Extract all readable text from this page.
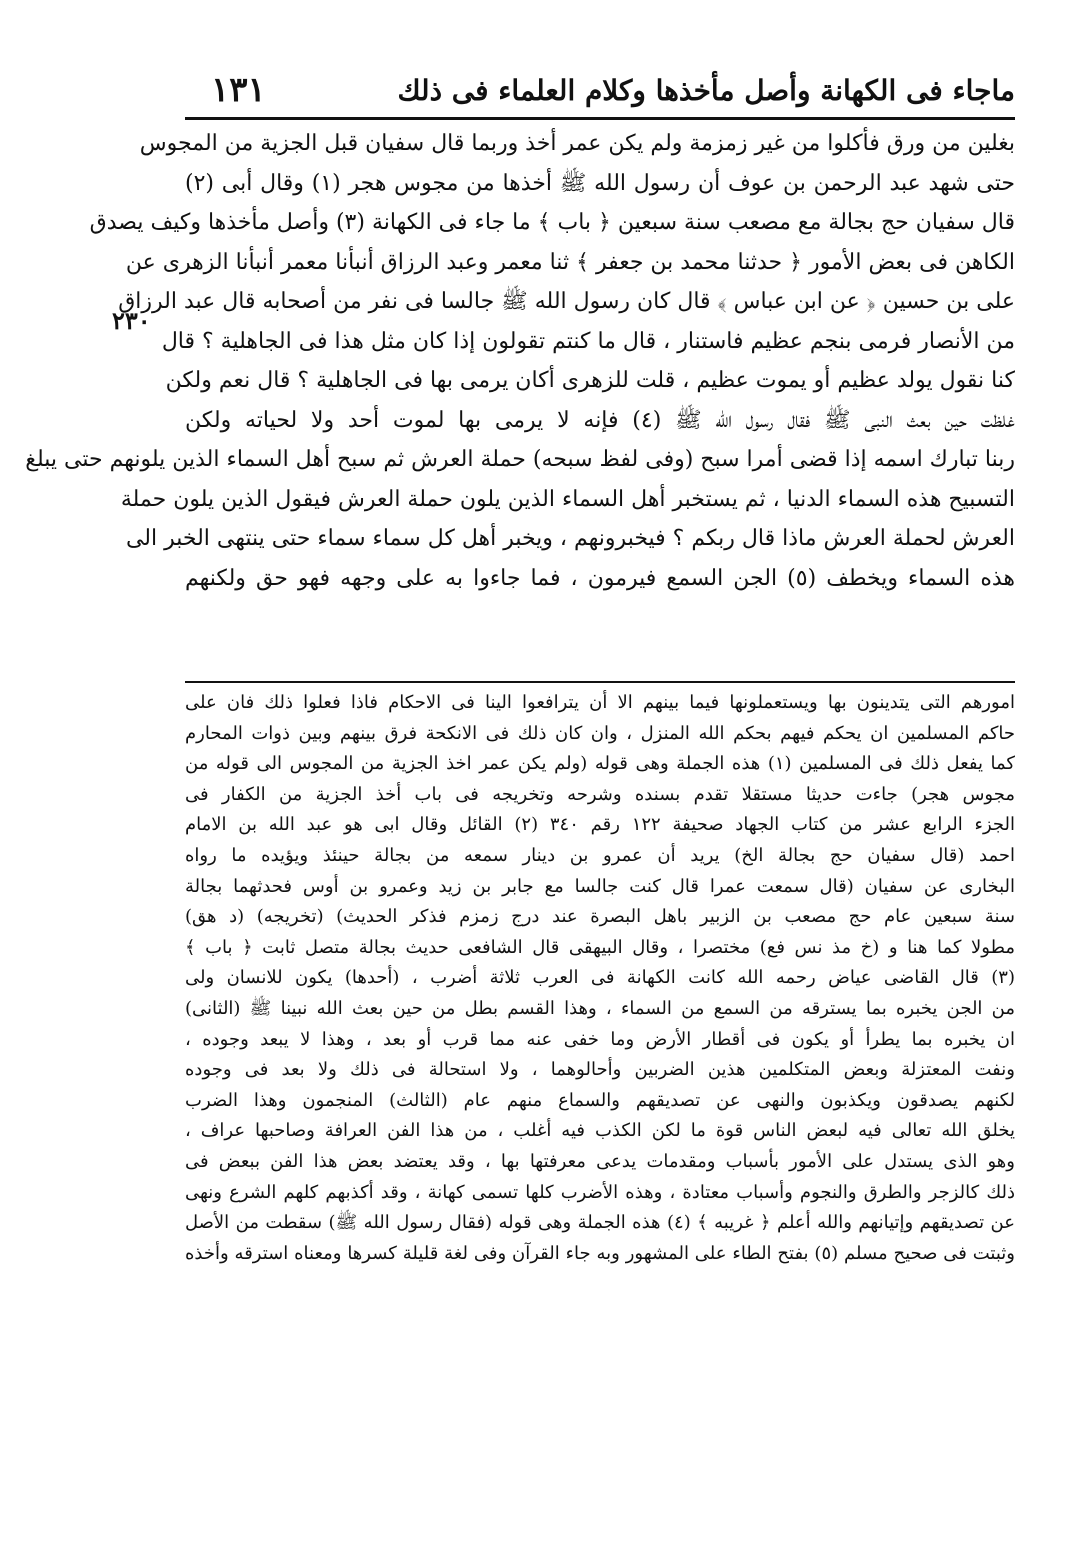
ماجاء فى الكهانة وأصل مأخذها وكلام العلماء فى ذلك
١٣١
٢٣٠
بغلين من ورق فأكلوا من غير زمزمة ولم يكن عمر أخذ وربما قال سفيان قبل الجزية من المجوس
حتى شهد عبد الرحمن بن عوف أن رسول الله ﷺ أخذها من مجوس هجر (١) وقال أبى (٢)
قال سفيان حج بجالة مع مصعب سنة سبعين ﴿ باب ﴾ ما جاء فى الكهانة (٣) وأصل مأخذها وكيف يصدق
الكاهن فى بعض الأمور ﴿ حدثنا محمد بن جعفر ﴾ ثنا معمر وعبد الرزاق أنبأنا معمر أنبأنا الزهرى عن
على بن حسين ﴿ عن ابن عباس ﴾ قال كان رسول الله ﷺ جالسا فى نفر من أصحابه قال عبد الرزاق
من الأنصار فرمى بنجم عظيم فاستنار ، قال ما كنتم تقولون إذا كان مثل هذا فى الجاهلية ؟ قال
كنا نقول يولد عظيم أو يموت عظيم ، قلت للزهرى أكان يرمى بها فى الجاهلية ؟ قال نعم ولكن
غلظت حين بعث النبى ﷺ فقال رسول الله ﷺ (٤) فإنه لا يرمى بها لموت أحد ولا لحياته ولكن
ربنا تبارك اسمه إذا قضى أمرا سبح (وفى لفظ سبحه) حملة العرش ثم سبح أهل السماء الذين يلونهم حتى يبلغ
التسبيح هذه السماء الدنيا ، ثم يستخبر أهل السماء الذين يلون حملة العرش فيقول الذين يلون حملة
العرش لحملة العرش ماذا قال ربكم ؟ فيخبرونهم ، ويخبر أهل كل سماء سماء حتى ينتهى الخبر الى
هذه السماء ويخطف (٥) الجن السمع فيرمون ، فما جاءوا به على وجهه فهو حق ولكنهم
امورهم التى يتدينون بها ويستعملونها فيما بينهم الا أن يترافعوا الينا فى الاحكام فاذا فعلوا ذلك فان على
حاكم المسلمين ان يحكم فيهم بحكم الله المنزل ، وان كان ذلك فى الانكحة فرق بينهم وبين ذوات المحارم
كما يفعل ذلك فى المسلمين (١) هذه الجملة وهى قوله (ولم يكن عمر اخذ الجزية من المجوس الى قوله من
مجوس هجر) جاءت حديثا مستقلا تقدم بسنده وشرحه وتخريجه فى باب أخذ الجزية من الكفار فى
الجزء الرابع عشر من كتاب الجهاد صحيفة ١٢٢ رقم ٣٤٠ (٢) القائل وقال ابى هو عبد الله بن الامام
احمد (قال سفيان حج بجالة الخ) يريد أن عمرو بن دينار سمعه من بجالة حينئذ ويؤيده ما رواه
البخارى عن سفيان (قال سمعت عمرا قال كنت جالسا مع جابر بن زيد وعمرو بن أوس فحدثهما بجالة
سنة سبعين عام حج مصعب بن الزبير باهل البصرة عند درج زمزم فذكر الحديث) (تخريجه) (د هق)
مطولا كما هنا و (خ مذ نس فع) مختصرا ، وقال البيهقى قال الشافعى حديث بجالة متصل ثابت ﴿ باب ﴾
(٣) قال القاضى عياض رحمه الله كانت الكهانة فى العرب ثلاثة أضرب ، (أحدها) يكون للانسان ولى
من الجن يخبره بما يسترقه من السمع من السماء ، وهذا القسم بطل من حين بعث الله نبينا ﷺ (الثانى)
ان يخبره بما يطرأ أو يكون فى أقطار الأرض وما خفى عنه مما قرب أو بعد ، وهذا لا يبعد وجوده ،
ونفت المعتزلة وبعض المتكلمين هذين الضربين وأحالوهما ، ولا استحالة فى ذلك ولا بعد فى وجوده
لكنهم يصدقون ويكذبون والنهى عن تصديقهم والسماع منهم عام (الثالث) المنجمون وهذا الضرب
يخلق الله تعالى فيه لبعض الناس قوة ما لكن الكذب فيه أغلب ، من هذا الفن العرافة وصاحبها عراف ،
وهو الذى يستدل على الأمور بأسباب ومقدمات يدعى معرفتها بها ، وقد يعتضد بعض هذا الفن ببعض فى
ذلك كالزجر والطرق والنجوم وأسباب معتادة ، وهذه الأضرب كلها تسمى كهانة ، وقد أكذبهم كلهم الشرع ونهى
عن تصديقهم وإتيانهم والله أعلم ﴿ غريبه ﴾ (٤) هذه الجملة وهى قوله (فقال رسول الله ﷺ) سقطت من الأصل
وثبتت فى صحيح مسلم (٥) بفتح الطاء على المشهور وبه جاء القرآن وفى لغة قليلة كسرها ومعناه استرقه وأخذه
